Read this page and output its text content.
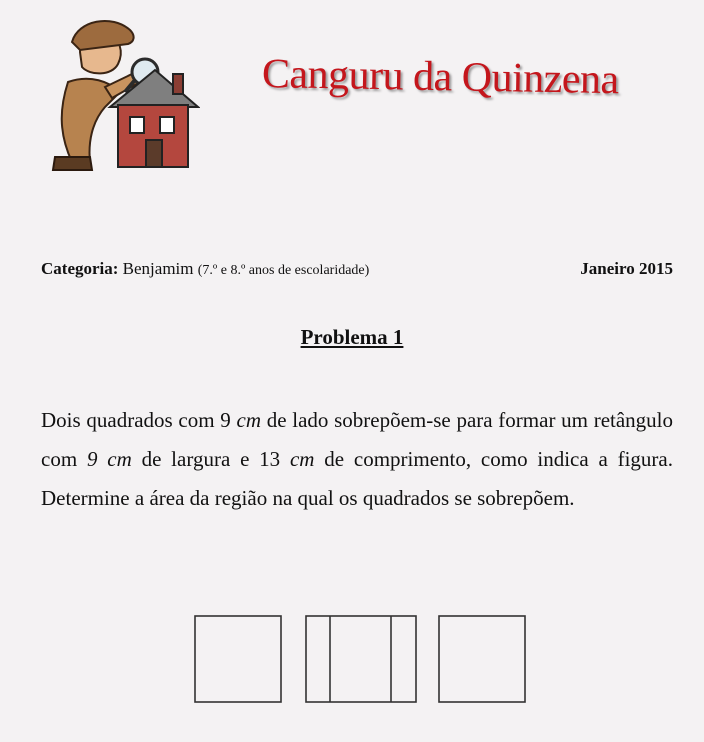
Canguru da Quinzena
Categoria: Benjamim (7.º e 8.º anos de escolaridade)	Janeiro 2015
Problema 1
Dois quadrados com 9 cm de lado sobrepõem-se para formar um retângulo com 9 cm de largura e 13 cm de comprimento, como indica a figura. Determine a área da região na qual os quadrados se sobrepõem.
